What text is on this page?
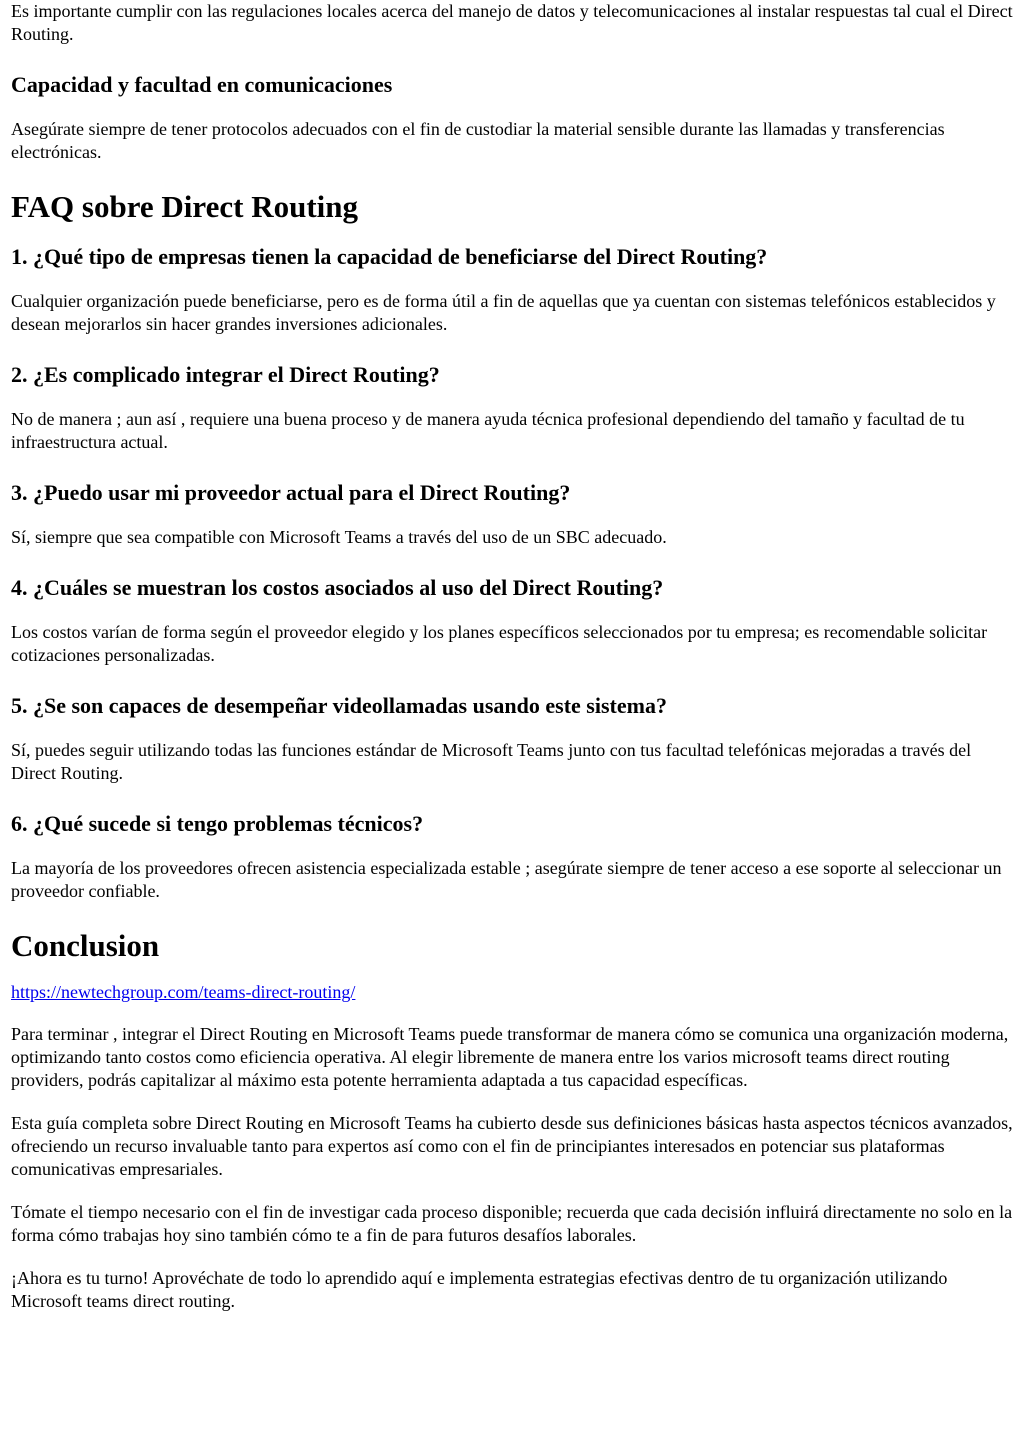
Es importante cumplir con las regulaciones locales acerca del manejo de datos y telecomunicaciones al instalar respuestas tal cual el Direct Routing.

Capacidad y facultad en comunicaciones

Asegúrate siempre de tener protocolos adecuados con el fin de custodiar la material sensible durante las llamadas y transferencias electrónicas.

FAQ sobre Direct Routing
1. ¿Qué tipo de empresas tienen la capacidad de beneficiarse del Direct Routing?

Cualquier organización puede beneficiarse, pero es de forma útil a fin de aquellas que ya cuentan con sistemas telefónicos establecidos y desean mejorarlos sin hacer grandes inversiones adicionales.

2. ¿Es complicado integrar el Direct Routing?

No de manera ; aun así , requiere una buena proceso y de manera ayuda técnica profesional dependiendo del tamaño y facultad de tu infraestructura actual.

3. ¿Puedo usar mi proveedor actual para el Direct Routing?

Sí, siempre que sea compatible con Microsoft Teams a través del uso de un SBC adecuado.

4. ¿Cuáles se muestran los costos asociados al uso del Direct Routing?

Los costos varían de forma según el proveedor elegido y los planes específicos seleccionados por tu empresa; es recomendable solicitar cotizaciones personalizadas.

5. ¿Se son capaces de desempeñar videollamadas usando este sistema?

Sí, puedes seguir utilizando todas las funciones estándar de Microsoft Teams junto con tus facultad telefónicas mejoradas a través del Direct Routing.

6. ¿Qué sucede si tengo problemas técnicos?

La mayoría de los proveedores ofrecen asistencia especializada estable ; asegúrate siempre de tener acceso a ese soporte al seleccionar un proveedor confiable.

Conclusion

https://newtechgroup.com/teams-direct-routing/

Para terminar , integrar el Direct Routing en Microsoft Teams puede transformar de manera cómo se comunica una organización moderna, optimizando tanto costos como eficiencia operativa. Al elegir libremente de manera entre los varios microsoft teams direct routing providers, podrás capitalizar al máximo esta potente herramienta adaptada a tus capacidad específicas.

Esta guía completa sobre Direct Routing en Microsoft Teams ha cubierto desde sus definiciones básicas hasta aspectos técnicos avanzados, ofreciendo un recurso invaluable tanto para expertos así como con el fin de principiantes interesados en potenciar sus plataformas comunicativas empresariales.

Tómate el tiempo necesario con el fin de investigar cada proceso disponible; recuerda que cada decisión influirá directamente no solo en la forma cómo trabajas hoy sino también cómo te a fin de para futuros desafíos laborales.

¡Ahora es tu turno! Aprovéchate de todo lo aprendido aquí e implementa estrategias efectivas dentro de tu organización utilizando Microsoft teams direct routing.
